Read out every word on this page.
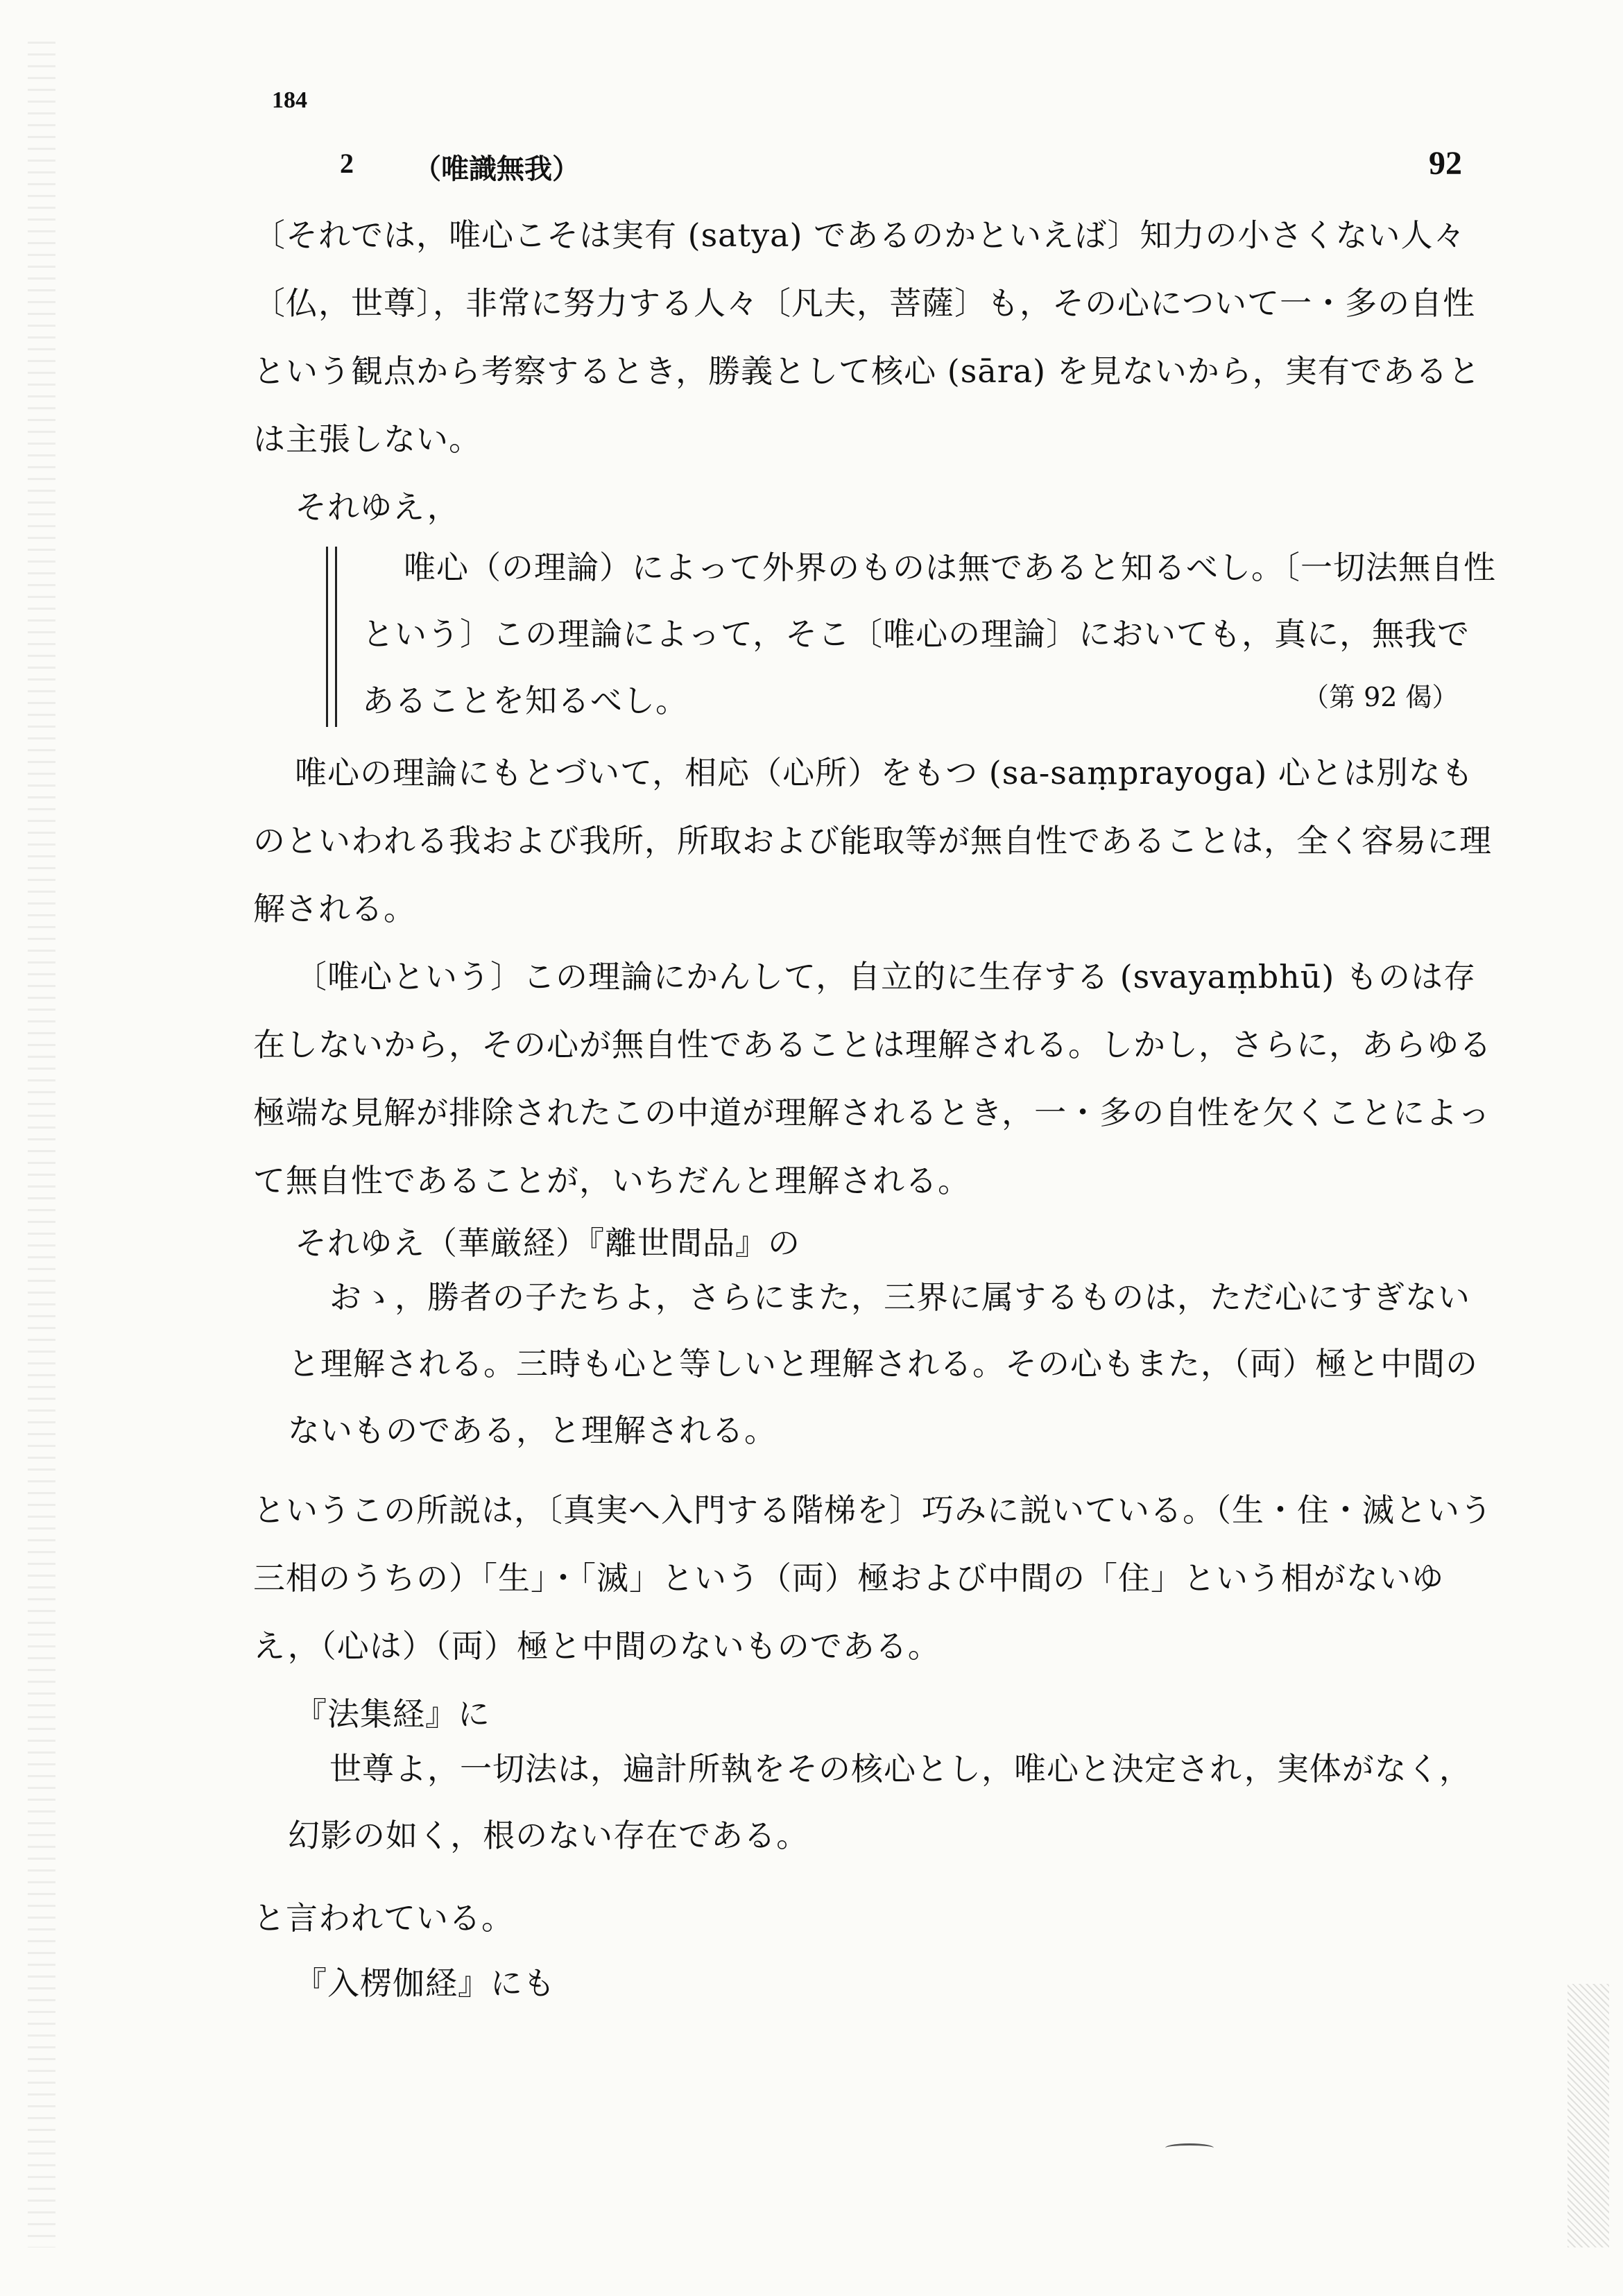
184
2 （唯識無我）	92
〔それでは，唯心こそは実有 (satya) であるのかといえば〕知力の小さくない人々〔仏，世尊〕，非常に努力する人々〔凡夫，菩薩〕も，その心について一・多の自性という観点から考察するとき，勝義として核心 (sāra) を見ないから，実有であるとは主張しない。
それゆえ，
唯心（の理論）によって外界のものは無であると知るべし。〔一切法無自性という〕この理論によって，そこ〔唯心の理論〕においても，真に，無我であることを知るべし。	（第 92 偈）
唯心の理論にもとづいて，相応（心所）をもつ (sa-saṃprayoga) 心とは別なものといわれる我および我所，所取および能取等が無自性であることは，全く容易に理解される。
〔唯心という〕この理論にかんして，自立的に生存する (svayaṃbhū) ものは存在しないから，その心が無自性であることは理解される。しかし，さらに，あらゆる極端な見解が排除されたこの中道が理解されるとき，一・多の自性を欠くことによって無自性であることが，いちだんと理解される。
それゆえ（華厳経）『離世間品』の
おゝ，勝者の子たちよ，さらにまた，三界に属するものは，ただ心にすぎないと理解される。三時も心と等しいと理解される。その心もまた，（両）極と中間のないものである，と理解される。
というこの所説は，〔真実へ入門する階梯を〕巧みに説いている。（生・住・滅という三相のうちの）「生」・「滅」という（両）極および中間の「住」という相がないゆえ，（心は）（両）極と中間のないものである。
『法集経』に
世尊よ，一切法は，遍計所執をその核心とし，唯心と決定され，実体がなく，幻影の如く，根のない存在である。
と言われている。
『入楞伽経』にも
